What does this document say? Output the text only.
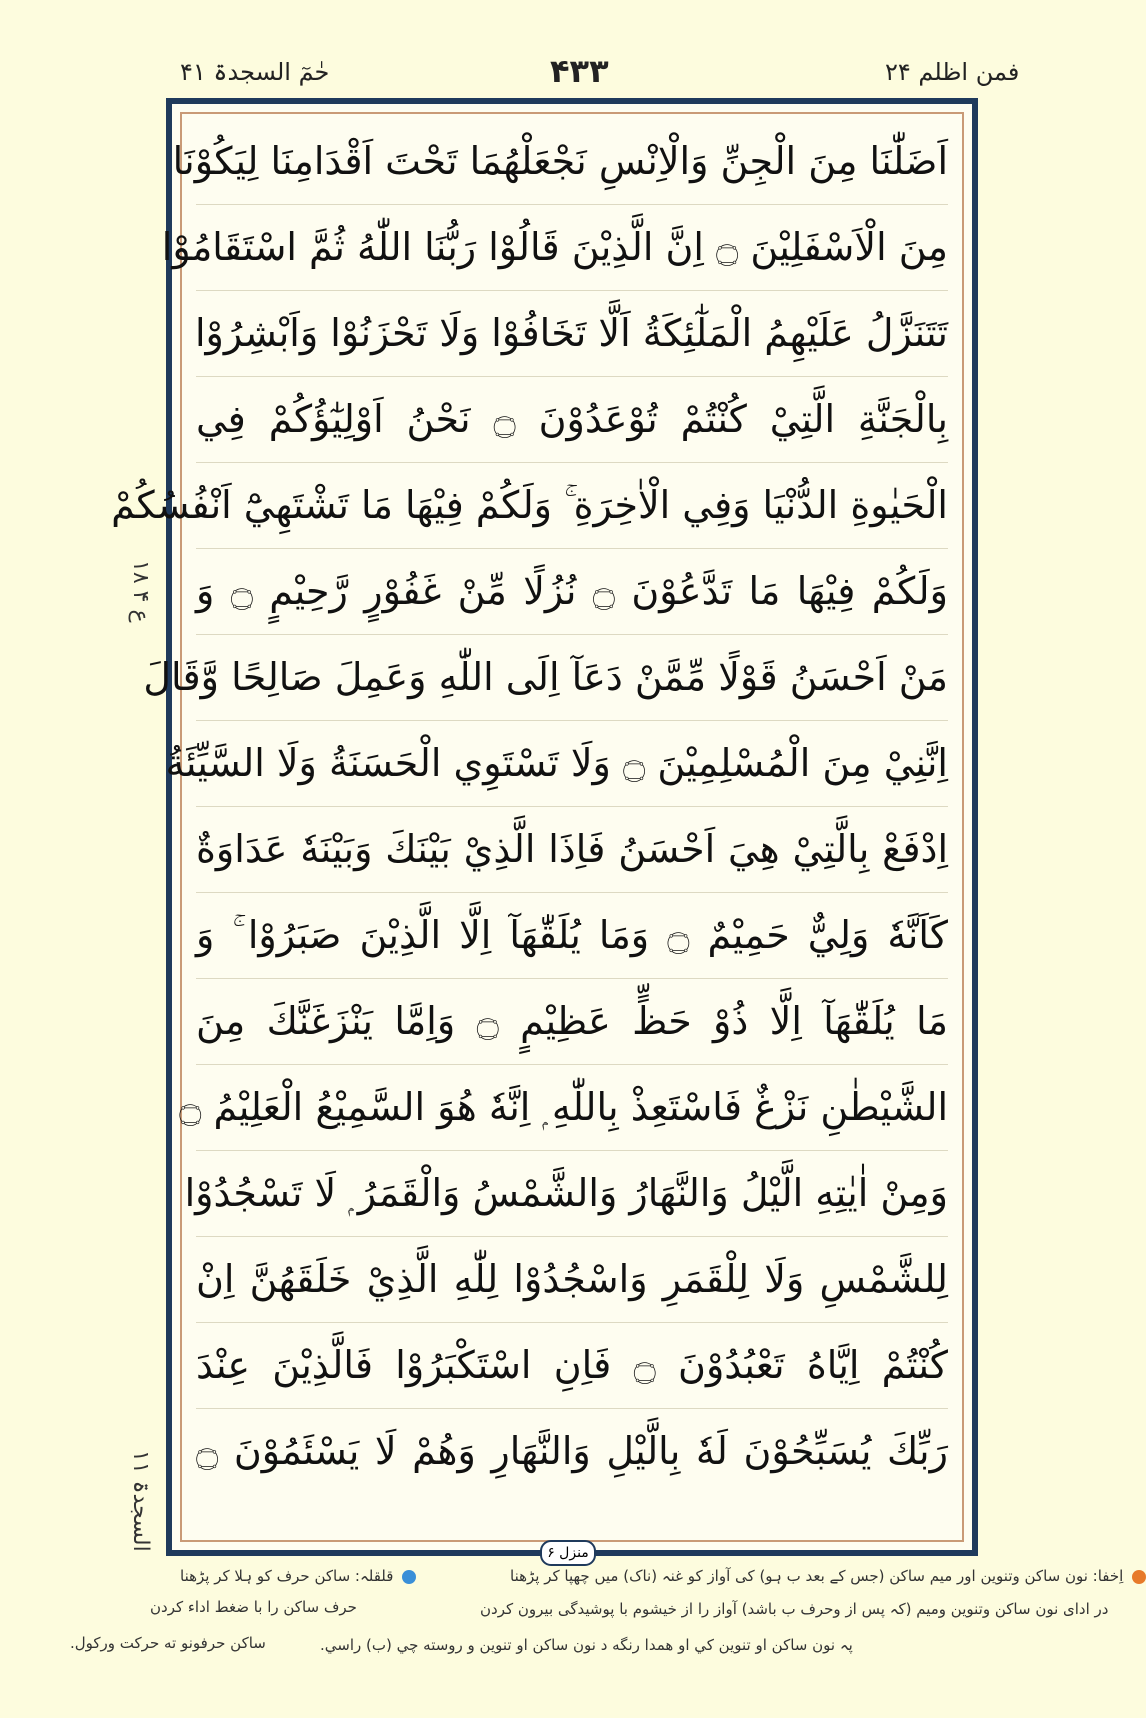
فمن اظلم ۲۴
۴۳۳
حٰمٓ السجدۃ ۴۱
ع ۴ ۱۸
السجدۃ ۱۱
اَضَلّٰنَا مِنَ الْجِنِّ وَالْاِنْسِ نَجْعَلْهُمَا تَحْتَ اَقْدَامِنَا لِيَكُوْنَا
مِنَ الْاَسْفَلِيْنَ ۝ اِنَّ الَّذِيْنَ قَالُوْا رَبُّنَا اللّٰهُ ثُمَّ اسْتَقَامُوْا
تَتَنَزَّلُ عَلَيْهِمُ الْمَلٰٓئِكَةُ اَلَّا تَخَافُوْا وَلَا تَحْزَنُوْا وَاَبْشِرُوْا
بِالْجَنَّةِ الَّتِيْ كُنْتُمْ تُوْعَدُوْنَ ۝ نَحْنُ اَوْلِيٰٓؤُكُمْ فِي
الْحَيٰوةِ الدُّنْيَا وَفِي الْاٰخِرَةِ ۚ وَلَكُمْ فِيْهَا مَا تَشْتَهِيْٓ اَنْفُسُكُمْ
وَلَكُمْ فِيْهَا مَا تَدَّعُوْنَ ۝ نُزُلًا مِّنْ غَفُوْرٍ رَّحِيْمٍ ۝ وَ
مَنْ اَحْسَنُ قَوْلًا مِّمَّنْ دَعَآ اِلَى اللّٰهِ وَعَمِلَ صَالِحًا وَّقَالَ
اِنَّنِيْ مِنَ الْمُسْلِمِيْنَ ۝ وَلَا تَسْتَوِي الْحَسَنَةُ وَلَا السَّيِّئَةُ
اِدْفَعْ بِالَّتِيْ هِيَ اَحْسَنُ فَاِذَا الَّذِيْ بَيْنَكَ وَبَيْنَهٗ عَدَاوَةٌ
كَاَنَّهٗ وَلِيٌّ حَمِيْمٌ ۝ وَمَا يُلَقّٰهَآ اِلَّا الَّذِيْنَ صَبَرُوْا ۚ وَ
مَا يُلَقّٰهَآ اِلَّا ذُوْ حَظٍّ عَظِيْمٍ ۝ وَاِمَّا يَنْزَغَنَّكَ مِنَ
الشَّيْطٰنِ نَزْغٌ فَاسْتَعِذْ بِاللّٰهِ ۭ اِنَّهٗ هُوَ السَّمِيْعُ الْعَلِيْمُ ۝
وَمِنْ اٰيٰتِهِ الَّيْلُ وَالنَّهَارُ وَالشَّمْسُ وَالْقَمَرُ ۭ لَا تَسْجُدُوْا
لِلشَّمْسِ وَلَا لِلْقَمَرِ وَاسْجُدُوْا لِلّٰهِ الَّذِيْ خَلَقَهُنَّ اِنْ
كُنْتُمْ اِيَّاهُ تَعْبُدُوْنَ ۝ فَاِنِ اسْتَكْبَرُوْا فَالَّذِيْنَ عِنْدَ
رَبِّكَ يُسَبِّحُوْنَ لَهٗ بِالَّيْلِ وَالنَّهَارِ وَهُمْ لَا يَسْئَمُوْنَ ۝
منزل ۶
اِخفا: نون ساکن وتنوین اور میم ساکن (جس کے بعد ب ہو) کی آواز کو غنہ (ناک) میں چھپا کر پڑھنا
قلقلہ: ساکن حرف کو ہلا کر پڑھنا
در ادای نون ساکن وتنوین ومیم (کہ پس از وحرف ب باشد) آواز را از خیشوم با پوشیدگی بیرون کردن
حرف ساکن را با ضغط اداء کردن
پہ نون ساکن او تنوین کي او همدا رنگه د نون ساکن او تنوین و روسته چي (ب) راسي.
ساکن حرفونو ته حرکت ورکول.
